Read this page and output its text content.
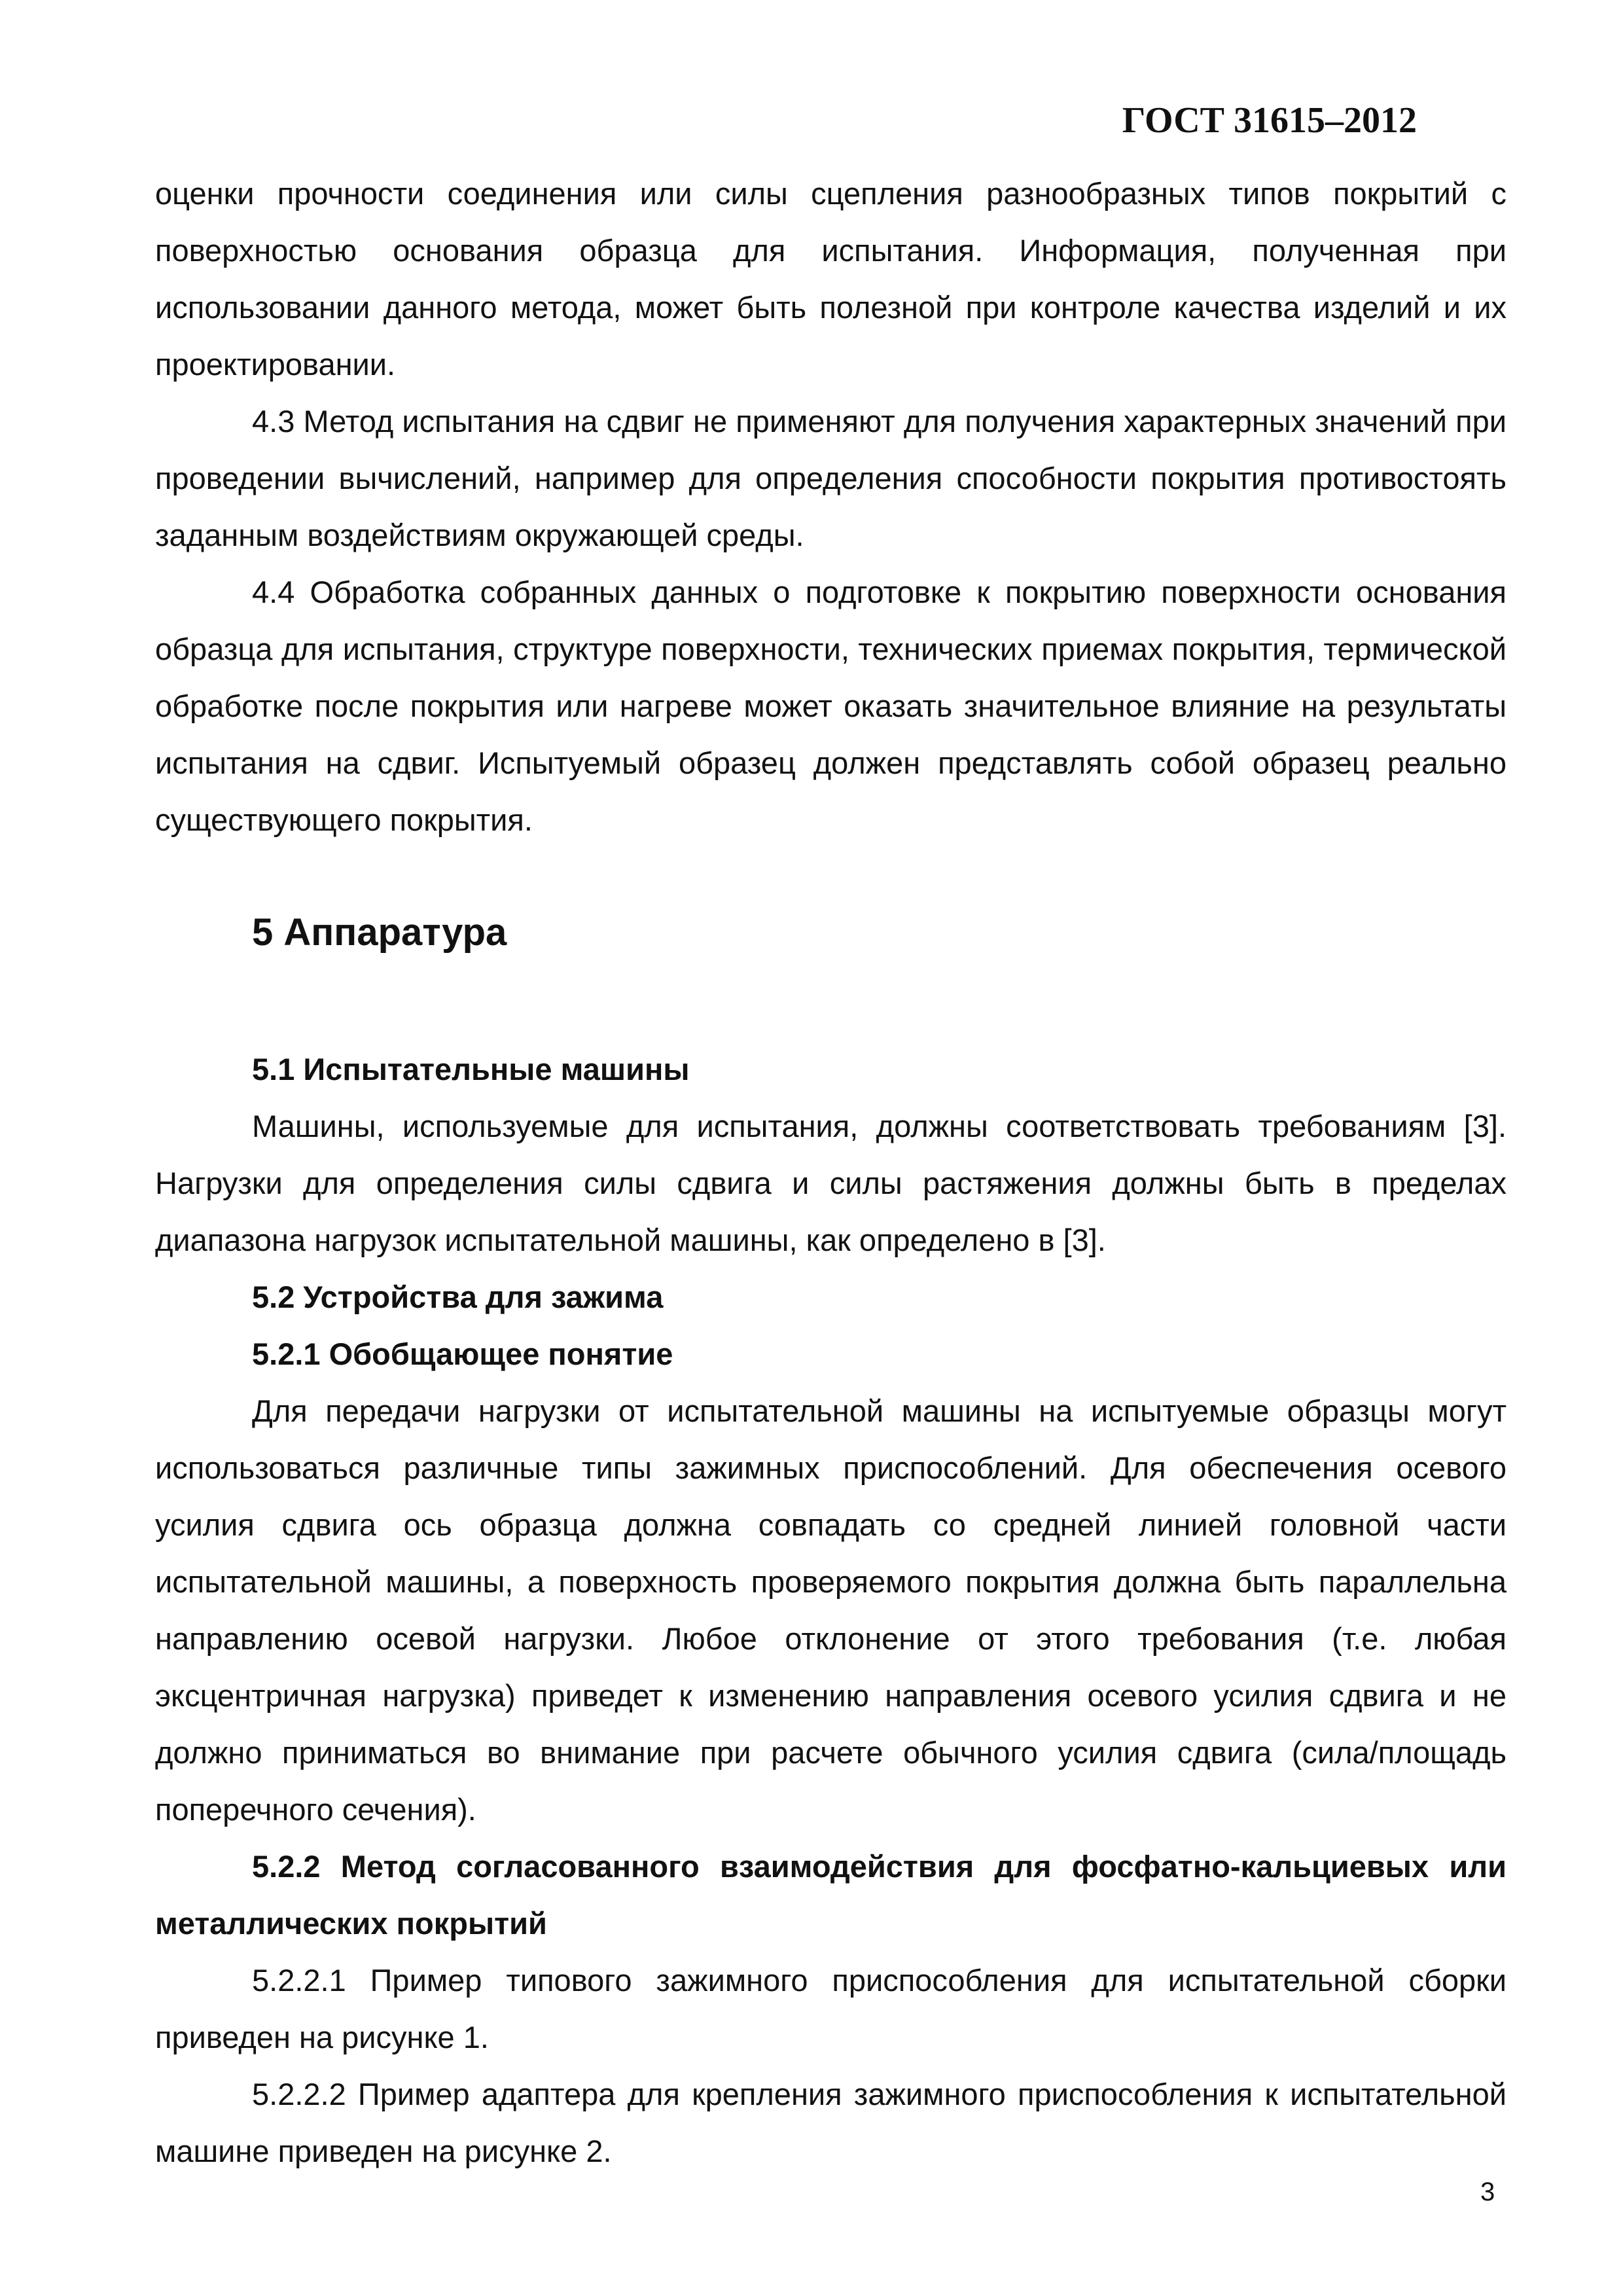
ГОСТ 31615–2012

оценки прочности соединения или силы сцепления разнообразных типов покрытий с поверхностью основания образца для испытания. Информация, полученная при использовании данного метода, может быть полезной при контроле качества изделий и их проектировании.

4.3 Метод испытания на сдвиг не применяют для получения характерных значений при проведении вычислений, например для определения способности покрытия противостоять заданным воздействиям окружающей среды.

4.4 Обработка собранных данных о подготовке к покрытию поверхности основания образца для испытания, структуре поверхности, технических приемах покрытия, термической обработке после покрытия или нагреве может оказать значительное влияние на результаты испытания на сдвиг. Испытуемый образец должен представлять собой образец реально существующего покрытия.

5 Аппаратура
5.1 Испытательные машины

Машины, используемые для испытания, должны соответствовать требованиям [3]. Нагрузки для определения силы сдвига и силы растяжения должны быть в пределах диапазона нагрузок испытательной машины, как определено в [3].

5.2 Устройства для зажима
5.2.1 Обобщающее понятие

Для передачи нагрузки от испытательной машины на испытуемые образцы могут использоваться различные типы зажимных приспособлений. Для обеспечения осевого усилия сдвига ось образца должна совпадать со средней линией головной части испытательной машины, а поверхность проверяемого покрытия должна быть параллельна направлению осевой нагрузки. Любое отклонение от этого требования (т.е. любая эксцентричная нагрузка) приведет к изменению направления осевого усилия сдвига и не должно приниматься во внимание при расчете обычного усилия сдвига (сила/площадь поперечного сечения).

5.2.2 Метод согласованного взаимодействия для фосфатно-кальциевых или металлических покрытий

5.2.2.1 Пример типового зажимного приспособления для испытательной сборки приведен на рисунке 1.

5.2.2.2 Пример адаптера для крепления зажимного приспособления к испытательной машине приведен на рисунке 2.

3
